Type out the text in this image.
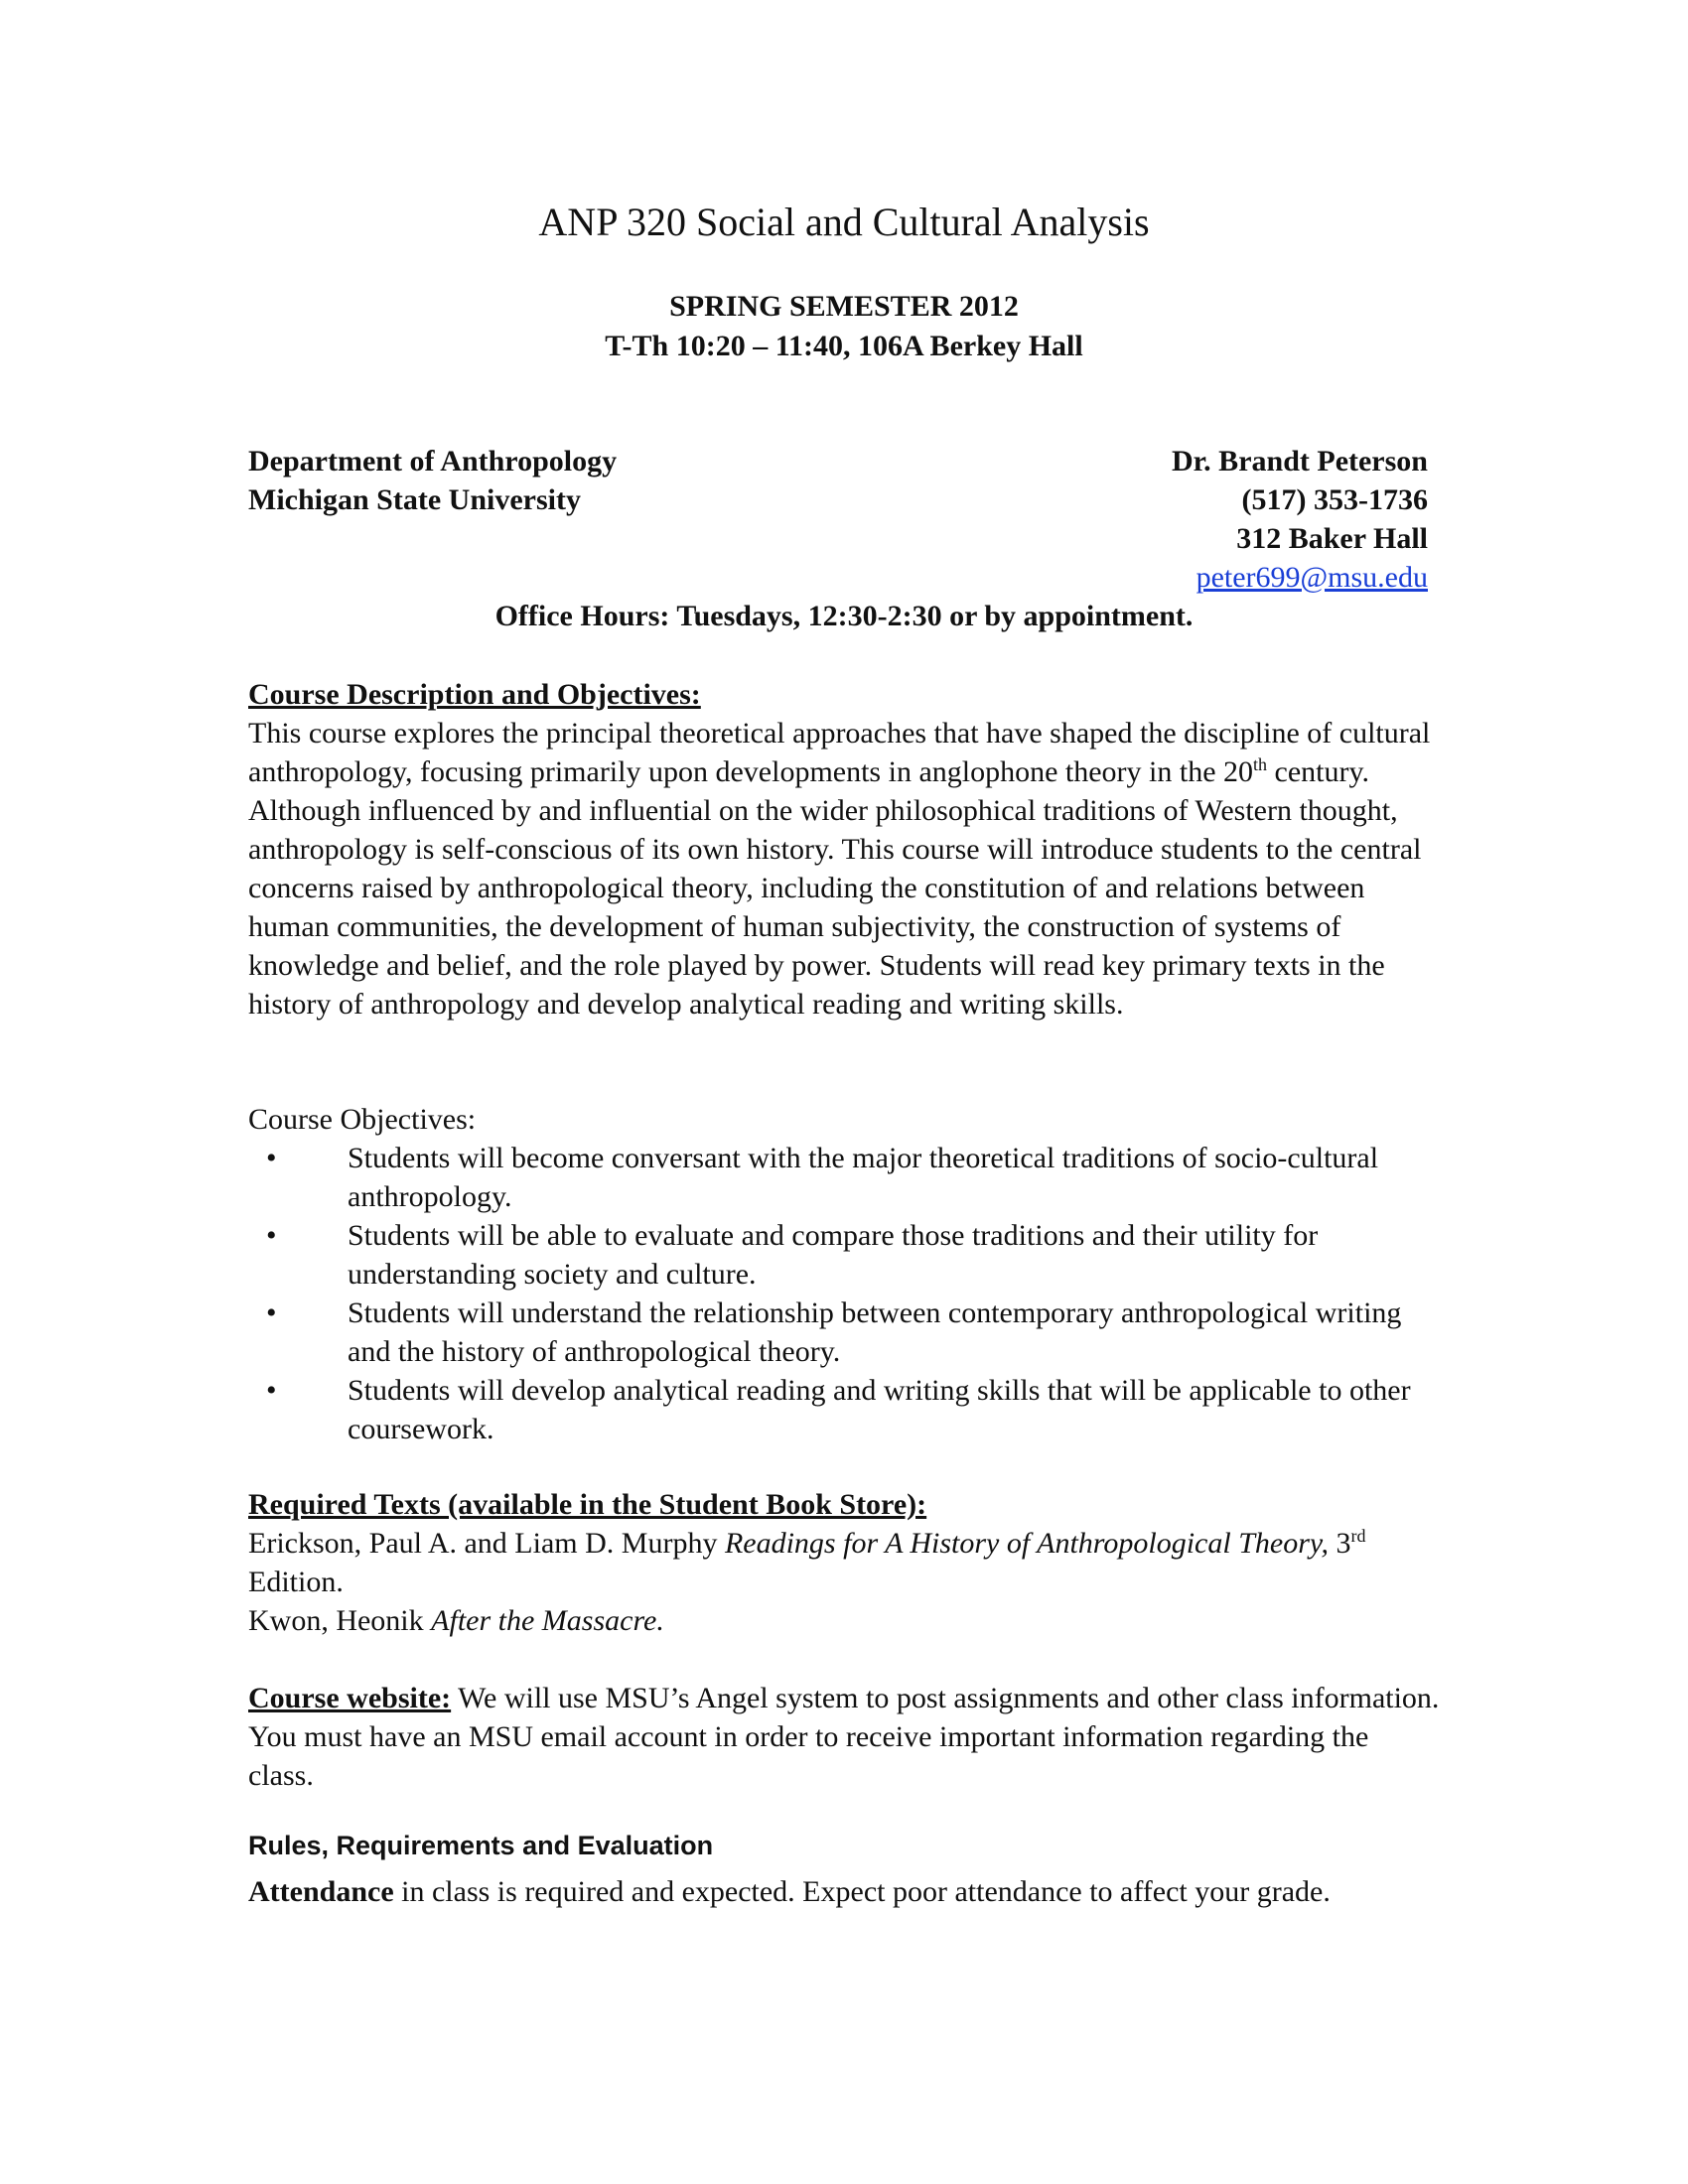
ANP 320 Social and Cultural Analysis
SPRING SEMESTER 2012
T-Th 10:20 – 11:40, 106A Berkey Hall
Department of Anthropology
Michigan State University
Dr. Brandt Peterson
(517) 353-1736
312 Baker Hall
peter699@msu.edu
Office Hours: Tuesdays, 12:30-2:30 or by appointment.

Course Description and Objectives:

This course explores the principal theoretical approaches that have shaped the discipline of cultural anthropology, focusing primarily upon developments in anglophone theory in the 20th century. Although influenced by and influential on the wider philosophical traditions of Western thought, anthropology is self-conscious of its own history. This course will introduce students to the central concerns raised by anthropological theory, including the constitution of and relations between human communities, the development of human subjectivity, the construction of systems of knowledge and belief, and the role played by power. Students will read key primary texts in the history of anthropology and develop analytical reading and writing skills.

Course Objectives:

• Students will become conversant with the major theoretical traditions of socio-cultural anthropology.
• Students will be able to evaluate and compare those traditions and their utility for understanding society and culture.
• Students will understand the relationship between contemporary anthropological writing and the history of anthropological theory.
• Students will develop analytical reading and writing skills that will be applicable to other coursework.

Required Texts (available in the Student Book Store):

Erickson, Paul A. and Liam D. Murphy Readings for A History of Anthropological Theory, 3rd
Edition.

Kwon, Heonik After the Massacre.

Course website: We will use MSU’s Angel system to post assignments and other class information. You must have an MSU email account in order to receive important information regarding the class.

Rules, Requirements and Evaluation

Attendance in class is required and expected. Expect poor attendance to affect your grade.
